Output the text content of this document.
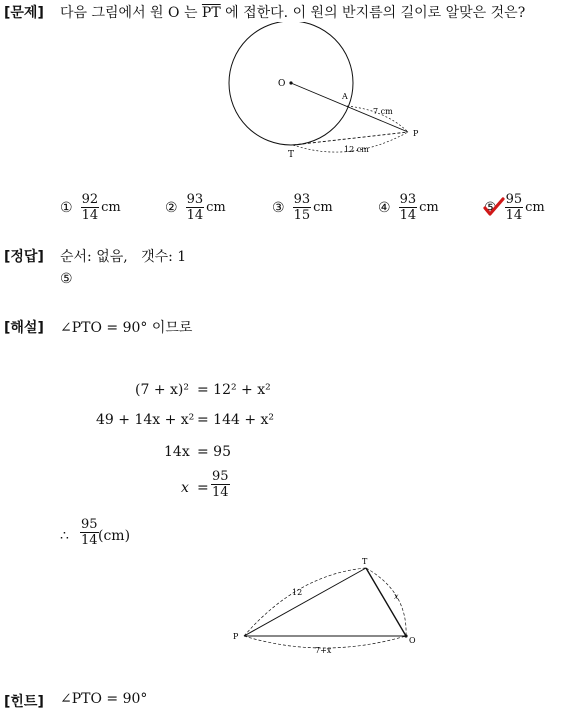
[문제] 다음 그림에서 원 O 는 $\overline{PT}$ 에 접한다. 이 원의 반지름의 길이로 알맞은 것은?
O
A
P
T
7 cm
12 cm
① $\frac{92}{14}$ cm	② $\frac{93}{14}$ cm	③ $\frac{93}{15}$ cm	④ $\frac{93}{14}$ cm	⑤ $\frac{95}{14}$ cm
[정답] 순서: 없음,   갯수: 1
⑤
[해설] ∠PTO = 90° 이므로
(7 + x)² = 12² + x²
49 + 14x + x² = 144 + x²
14x = 95
$x = \frac{95}{14}$
∴ $\frac{95}{14} (cm)$
T
P	O
12	x
7+x
[힌트] ∠PTO = 90°
